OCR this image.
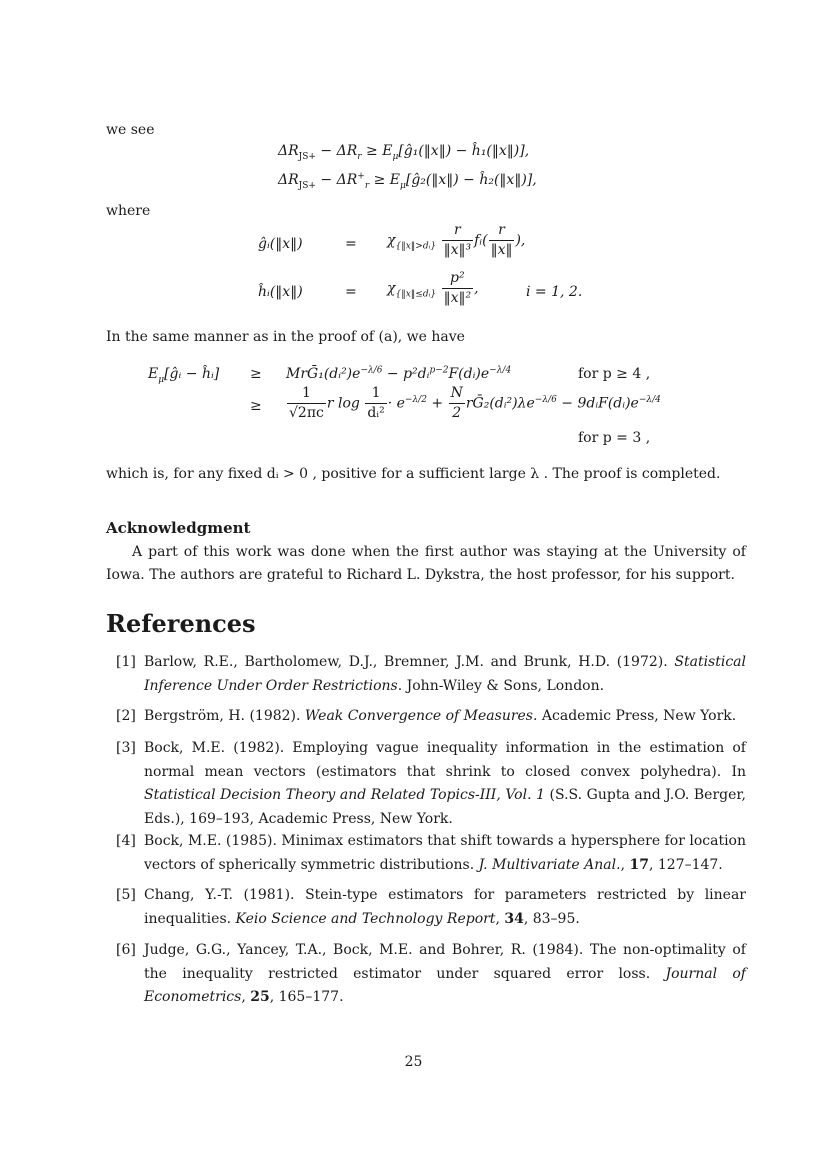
we see
$\Delta R_{JS+} - \Delta R_r$ ≥ $E_\mu[ĝ_1(‖x‖)$ − ĥ₁(‖x‖)],
$\Delta R_{JS+} - \Delta R^+_r$ ≥ $E_\mu[ĝ_2(‖x‖)$ − ĥ₂(‖x‖)],
where
ĝᵢ(‖x‖)	= $\chi_{\{‖x‖>dᵢ\}} \frac{r}{\text{‖x‖³}}$ fᵢ( $\frac{r}{‖x‖}$ ),
ĥᵢ(‖x‖)	= $\chi_{\{‖x‖\le dᵢ\}} \frac{\text{p²}}{\text{‖x‖²}}$ ,	i = 1, 2.
In the same manner as in the proof of (a), we have
$E_\mu[ĝᵢ$ − ĥᵢ] ≥ $MrḠ_1(dᵢ^2)e^{-\lambda/6}$ − $p^2dᵢ^{p-2}F(dᵢ)e^{-\lambda/4}$	for p ≥ 4 ,
≥ $\frac{1}{√2\pi c}$ r $\log \frac{1}{\text{dᵢ²}} \cdot e^{-\lambda/2} + \frac{N}{2}$ $rḠ_2(dᵢ^2)\lambda e^{-\lambda/6}$ − $9dᵢF(dᵢ)e^{-\lambda/4}$
for p = 3 ,
which is, for any fixed dᵢ > 0 , positive for a sufficient large λ . The proof is completed.
Acknowledgment
A part of this work was done when the first author was staying at the University of Iowa. The authors are grateful to Richard L. Dykstra, the host professor, for his support.
References
[1] Barlow, R.E., Bartholomew, D.J., Bremner, J.M. and Brunk, H.D. (1972). Statistical Inference Under Order Restrictions. John-Wiley & Sons, London.
[2] Bergström, H. (1982). Weak Convergence of Measures. Academic Press, New York.
[3] Bock, M.E. (1982). Employing vague inequality information in the estimation of normal mean vectors (estimators that shrink to closed convex polyhedra). In Statistical Decision Theory and Related Topics-III, Vol. 1 (S.S. Gupta and J.O. Berger, Eds.), 169–193, Academic Press, New York.
[4] Bock, M.E. (1985). Minimax estimators that shift towards a hypersphere for location vectors of spherically symmetric distributions. J. Multivariate Anal., 17, 127–147.
[5] Chang, Y.-T. (1981). Stein-type estimators for parameters restricted by linear inequalities. Keio Science and Technology Report, 34, 83–95.
[6] Judge, G.G., Yancey, T.A., Bock, M.E. and Bohrer, R. (1984). The non-optimality of the inequality restricted estimator under squared error loss. Journal of Econometrics, 25, 165–177.
25
